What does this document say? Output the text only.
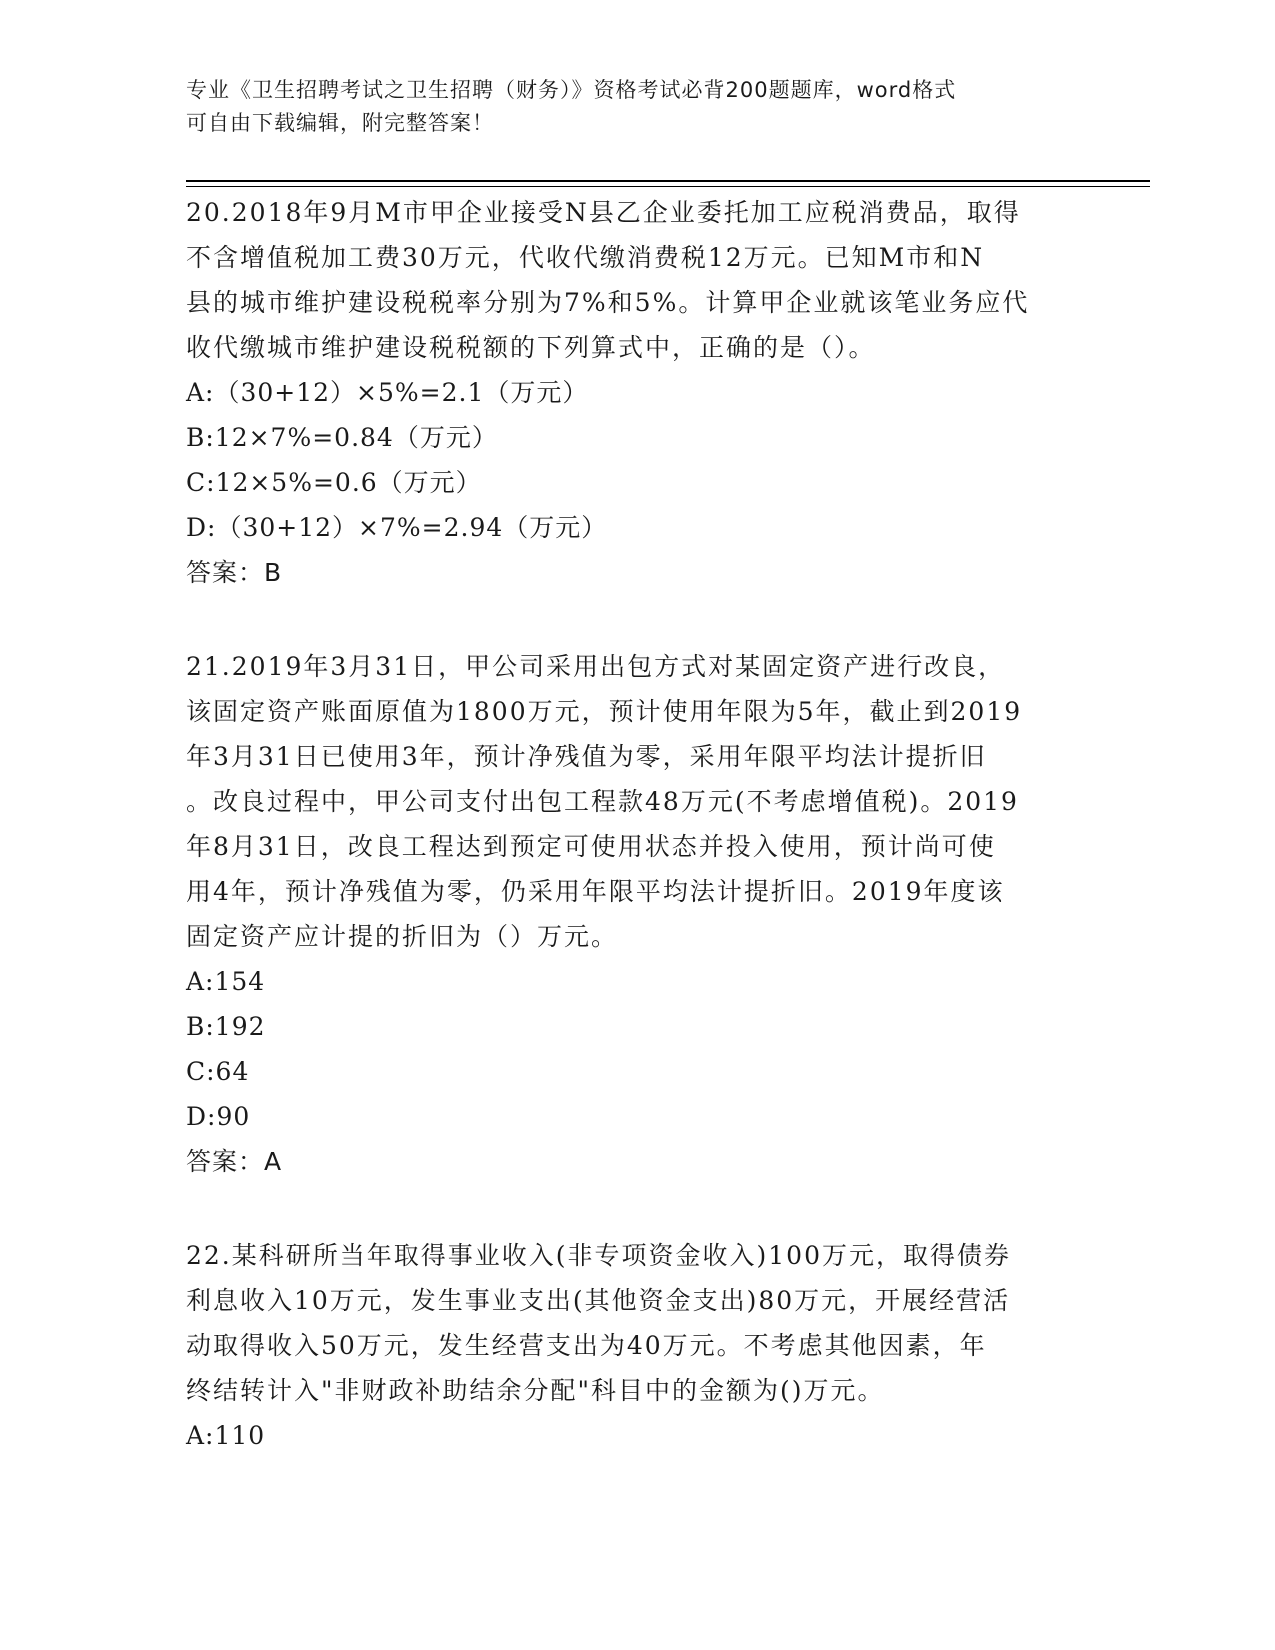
专业《卫生招聘考试之卫生招聘（财务）》资格考试必背200题题库，word格式
可自由下载编辑，附完整答案！

20.2018年9月M市甲企业接受N县乙企业委托加工应税消费品，取得

不含增值税加工费30万元，代收代缴消费税12万元。已知M市和N

县的城市维护建设税税率分别为7%和5%。计算甲企业就该笔业务应代

收代缴城市维护建设税税额的下列算式中，正确的是（）。

A:（30+12）×5%=2.1（万元）

B:12×7%=0.84（万元）

C:12×5%=0.6（万元）

D:（30+12）×7%=2.94（万元）

答案：B

21.2019年3月31日，甲公司采用出包方式对某固定资产进行改良，

该固定资产账面原值为1800万元，预计使用年限为5年，截止到2019

年3月31日已使用3年，预计净残值为零，采用年限平均法计提折旧

。改良过程中，甲公司支付出包工程款48万元(不考虑增值税)。2019

年8月31日，改良工程达到预定可使用状态并投入使用，预计尚可使

用4年，预计净残值为零，仍采用年限平均法计提折旧。2019年度该

固定资产应计提的折旧为（）万元。

A:154

B:192

C:64

D:90

答案：A

22.某科研所当年取得事业收入(非专项资金收入)100万元，取得债券

利息收入10万元，发生事业支出(其他资金支出)80万元，开展经营活

动取得收入50万元，发生经营支出为40万元。不考虑其他因素，年

终结转计入"非财政补助结余分配"科目中的金额为()万元。

A:110
